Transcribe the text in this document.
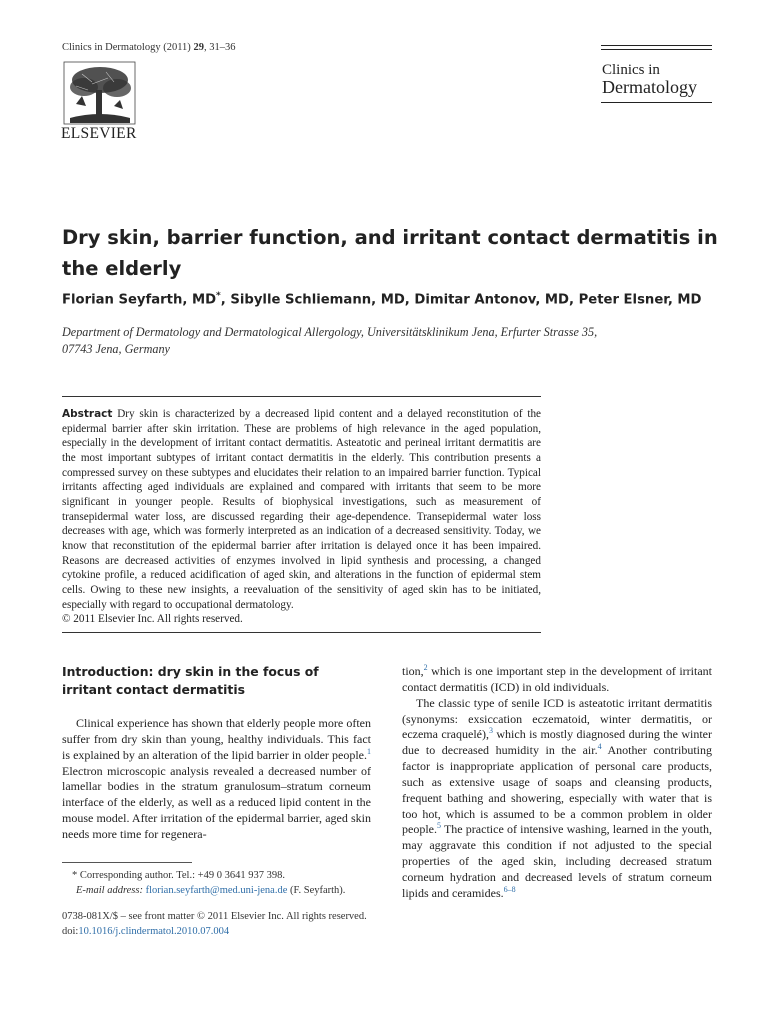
Clinics in Dermatology (2011) 29, 31–36
ELSEVIER
Clinics in
Dermatology
Dry skin, barrier function, and irritant contact dermatitis in the elderly
Florian Seyfarth, MD*, Sibylle Schliemann, MD, Dimitar Antonov, MD, Peter Elsner, MD
Department of Dermatology and Dermatological Allergology, Universitätsklinikum Jena, Erfurter Strasse 35,
07743 Jena, Germany

Abstract Dry skin is characterized by a decreased lipid content and a delayed reconstitution of the epidermal barrier after skin irritation. These are problems of high relevance in the aged population, especially in the development of irritant contact dermatitis. Asteatotic and perineal irritant dermatitis are the most important subtypes of irritant contact dermatitis in the elderly. This contribution presents a compressed survey on these subtypes and elucidates their relation to an impaired barrier function. Typical irritants affecting aged individuals are explained and compared with irritants that seem to be more significant in younger people. Results of biophysical investigations, such as measurement of transepidermal water loss, are discussed regarding their age-dependence. Transepidermal water loss decreases with age, which was formerly interpreted as an indication of a decreased sensitivity. Today, we know that reconstitution of the epidermal barrier after irritation is delayed once it has been impaired. Reasons are decreased activities of enzymes involved in lipid synthesis and processing, a changed cytokine profile, a reduced acidification of aged skin, and alterations in the function of epidermal stem cells. Owing to these new insights, a reevaluation of the sensitivity of aged skin has to be initiated, especially with regard to occupational dermatology.
© 2011 Elsevier Inc. All rights reserved.

Introduction: dry skin in the focus of irritant contact dermatitis

Clinical experience has shown that elderly people more often suffer from dry skin than young, healthy individuals. This fact is explained by an alteration of the lipid barrier in older people.$^1$ Electron microscopic analysis revealed a decreased number of lamellar bodies in the stratum granulosum–stratum corneum interface of the elderly, as well as a reduced lipid content in the mouse model. After irritation of the epidermal barrier, aged skin needs more time for regenera-

tion,$^2$ which is one important step in the development of irritant contact dermatitis (ICD) in old individuals.

The classic type of senile ICD is asteatotic irritant dermatitis (synonyms: exsiccation eczematoid, winter dermatitis, or eczema craquelé),$^3$ which is mostly diagnosed during the winter due to decreased humidity in the air.$^4$ Another contributing factor is inappropriate application of personal care products, such as extensive usage of soaps and cleansing products, frequent bathing and showering, especially with water that is too hot, which is assumed to be a common problem in older people.$^5$ The practice of intensive washing, learned in the youth, may aggravate this condition if not adjusted to the special properties of the aged skin, including decreased stratum corneum hydration and decreased levels of stratum corneum lipids and ceramides.$^{6-8}$

* Corresponding author. Tel.: +49 0 3641 937 398.
E-mail address: florian.seyfarth@med.uni-jena.de (F. Seyfarth).
0738-081X/$ – see front matter © 2011 Elsevier Inc. All rights reserved.
doi:10.1016/j.clindermatol.2010.07.004
